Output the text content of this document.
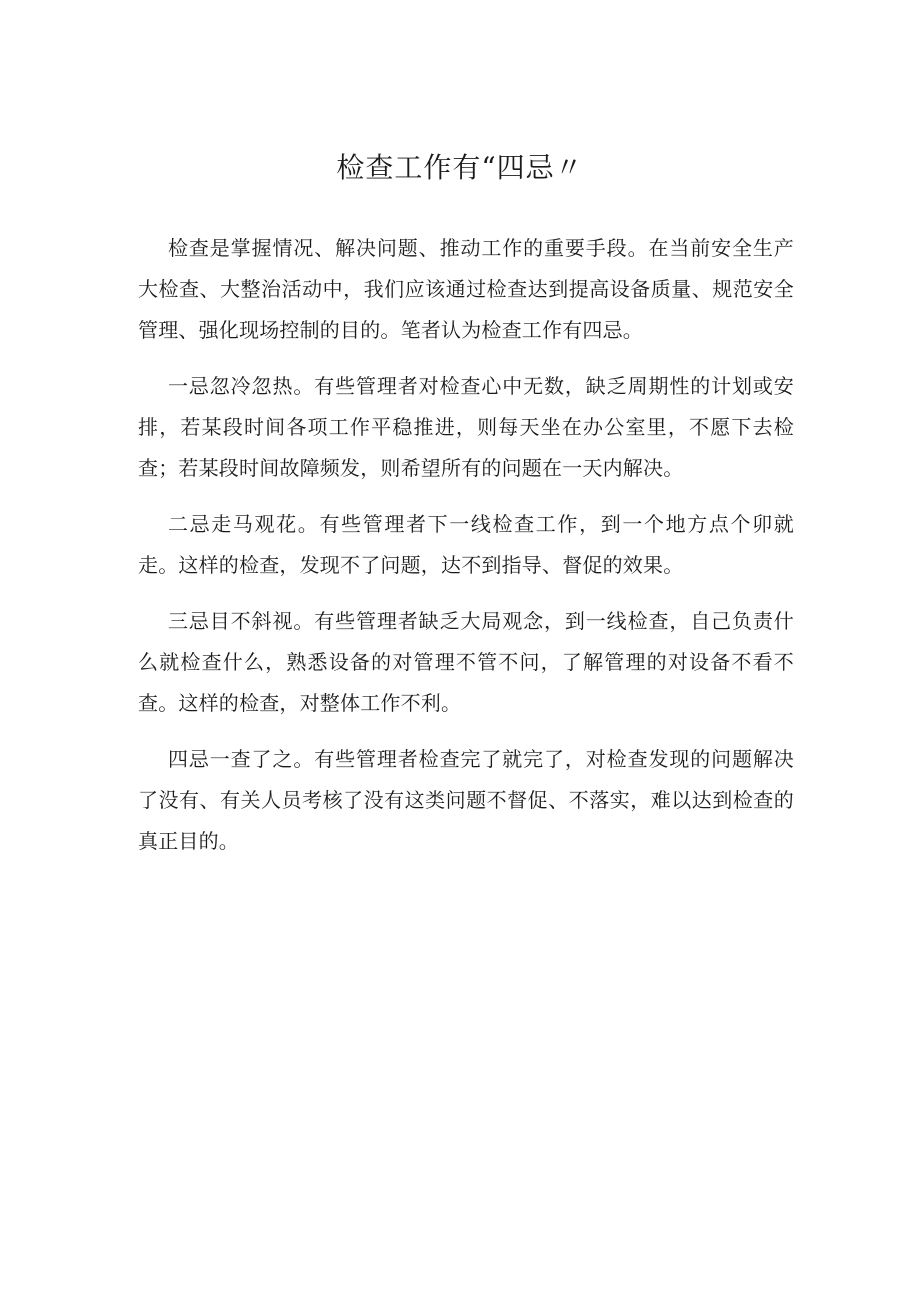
检查工作有“四忌〃

检查是掌握情况、解决问题、推动工作的重要手段。在当前安全生产大检查、大整治活动中，我们应该通过检查达到提高设备质量、规范安全管理、强化现场控制的目的。笔者认为检查工作有四忌。

一忌忽冷忽热。有些管理者对检查心中无数，缺乏周期性的计划或安排，若某段时间各项工作平稳推进，则每天坐在办公室里，不愿下去检查；若某段时间故障频发，则希望所有的问题在一天内解决。

二忌走马观花。有些管理者下一线检查工作，到一个地方点个卯就走。这样的检查，发现不了问题，达不到指导、督促的效果。

三忌目不斜视。有些管理者缺乏大局观念，到一线检查，自己负责什么就检查什么，熟悉设备的对管理不管不问，了解管理的对设备不看不查。这样的检查，对整体工作不利。

四忌一查了之。有些管理者检查完了就完了，对检查发现的问题解决了没有、有关人员考核了没有这类问题不督促、不落实，难以达到检查的真正目的。
